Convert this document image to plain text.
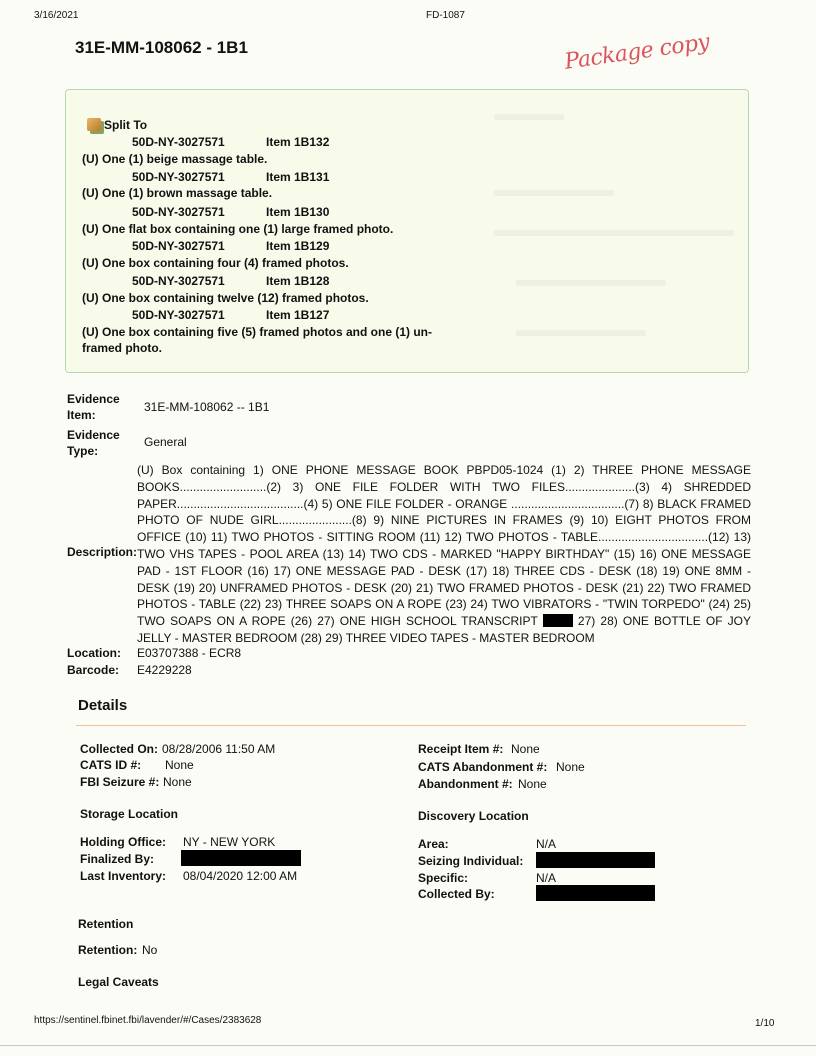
3/16/2021	FD-1087
31E-MM-108062 - 1B1	Package copy
Split To
50D-NY-3027571	Item 1B132
(U) One (1) beige massage table.
50D-NY-3027571	Item 1B131
(U) One (1) brown massage table.
50D-NY-3027571	Item 1B130
(U) One flat box containing one (1) large framed photo.
50D-NY-3027571	Item 1B129
(U) One box containing four (4) framed photos.
50D-NY-3027571	Item 1B128
(U) One box containing twelve (12) framed photos.
50D-NY-3027571	Item 1B127
(U) One box containing five (5) framed photos and one (1) un-
framed photo.
Evidence
Item:
31E-MM-108062 -- 1B1
Evidence
Type:
General
Description:
(U) Box containing 1) ONE PHONE MESSAGE BOOK PBPD05-1024 (1) 2) THREE PHONE MESSAGE BOOKS..........................(2) 3) ONE FILE FOLDER WITH TWO FILES.....................(3) 4) SHREDDED PAPER......................................(4) 5) ONE FILE FOLDER - ORANGE ..................................(7) 8) BLACK FRAMED PHOTO OF NUDE GIRL......................(8) 9) NINE PICTURES IN FRAMES (9) 10) EIGHT PHOTOS FROM OFFICE (10) 11) TWO PHOTOS - SITTING ROOM (11) 12) TWO PHOTOS - TABLE.................................(12) 13) TWO VHS TAPES - POOL AREA (13) 14) TWO CDS - MARKED "HAPPY BIRTHDAY" (15) 16) ONE MESSAGE PAD - 1ST FLOOR (16) 17) ONE MESSAGE PAD - DESK (17) 18) THREE CDS - DESK (18) 19) ONE 8MM - DESK (19) 20) UNFRAMED PHOTOS - DESK (20) 21) TWO FRAMED PHOTOS - DESK (21) 22) TWO FRAMED PHOTOS - TABLE (22) 23) THREE SOAPS ON A ROPE (23) 24) TWO VIBRATORS - "TWIN TORPEDO" (24) 25) TWO SOAPS ON A ROPE (26) 27) ONE HIGH SCHOOL TRANSCRIPT	27) 28) ONE BOTTLE OF JOY JELLY - MASTER BEDROOM (28) 29) THREE VIDEO TAPES - MASTER BEDROOM
Location: E03707388 - ECR8
Barcode: E4229228
Details
Collected On: 08/28/2006 11:50 AM
CATS ID #: None
FBI Seizure #: None
Receipt Item #: None
CATS Abandonment #: None
Abandonment #: None
Storage Location	Discovery Location
Holding Office: NY - NEW YORK
Finalized By:
Last Inventory: 08/04/2020 12:00 AM
Area:	N/A
Seizing Individual:
Specific:	N/A
Collected By:
Retention
Retention: No
Legal Caveats
https://sentinel.fbinet.fbi/lavender/#/Cases/2383628	1/10
